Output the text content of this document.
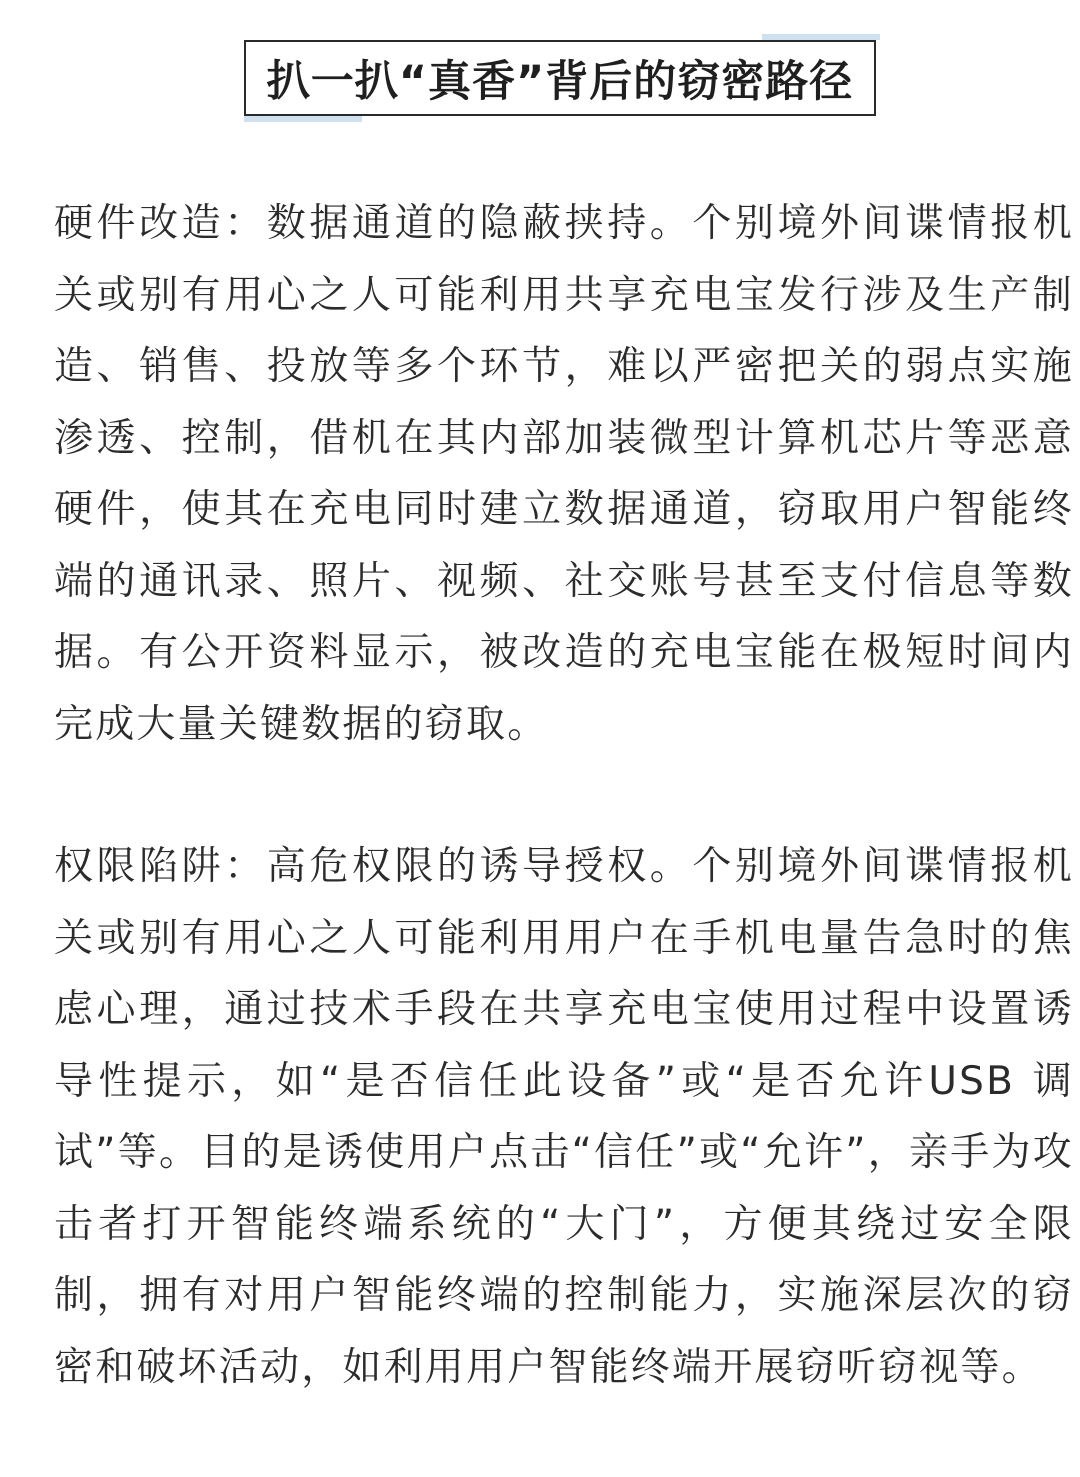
扒一扒“真香”背后的窃密路径

硬件改造：数据通道的隐蔽挟持。个别境外间谍情报机关或别有用心之人可能利用共享充电宝发行涉及生产制造、销售、投放等多个环节，难以严密把关的弱点实施渗透、控制，借机在其内部加装微型计算机芯片等恶意硬件，使其在充电同时建立数据通道，窃取用户智能终端的通讯录、照片、视频、社交账号甚至支付信息等数据。有公开资料显示，被改造的充电宝能在极短时间内完成大量关键数据的窃取。

权限陷阱：高危权限的诱导授权。个别境外间谍情报机关或别有用心之人可能利用用户在手机电量告急时的焦虑心理，通过技术手段在共享充电宝使用过程中设置诱导性提示，如“是否信任此设备”或“是否允许USB 调试”等。目的是诱使用户点击“信任”或“允许”，亲手为攻击者打开智能终端系统的“大门”，方便其绕过安全限制，拥有对用户智能终端的控制能力，实施深层次的窃密和破坏活动，如利用用户智能终端开展窃听窃视等。
